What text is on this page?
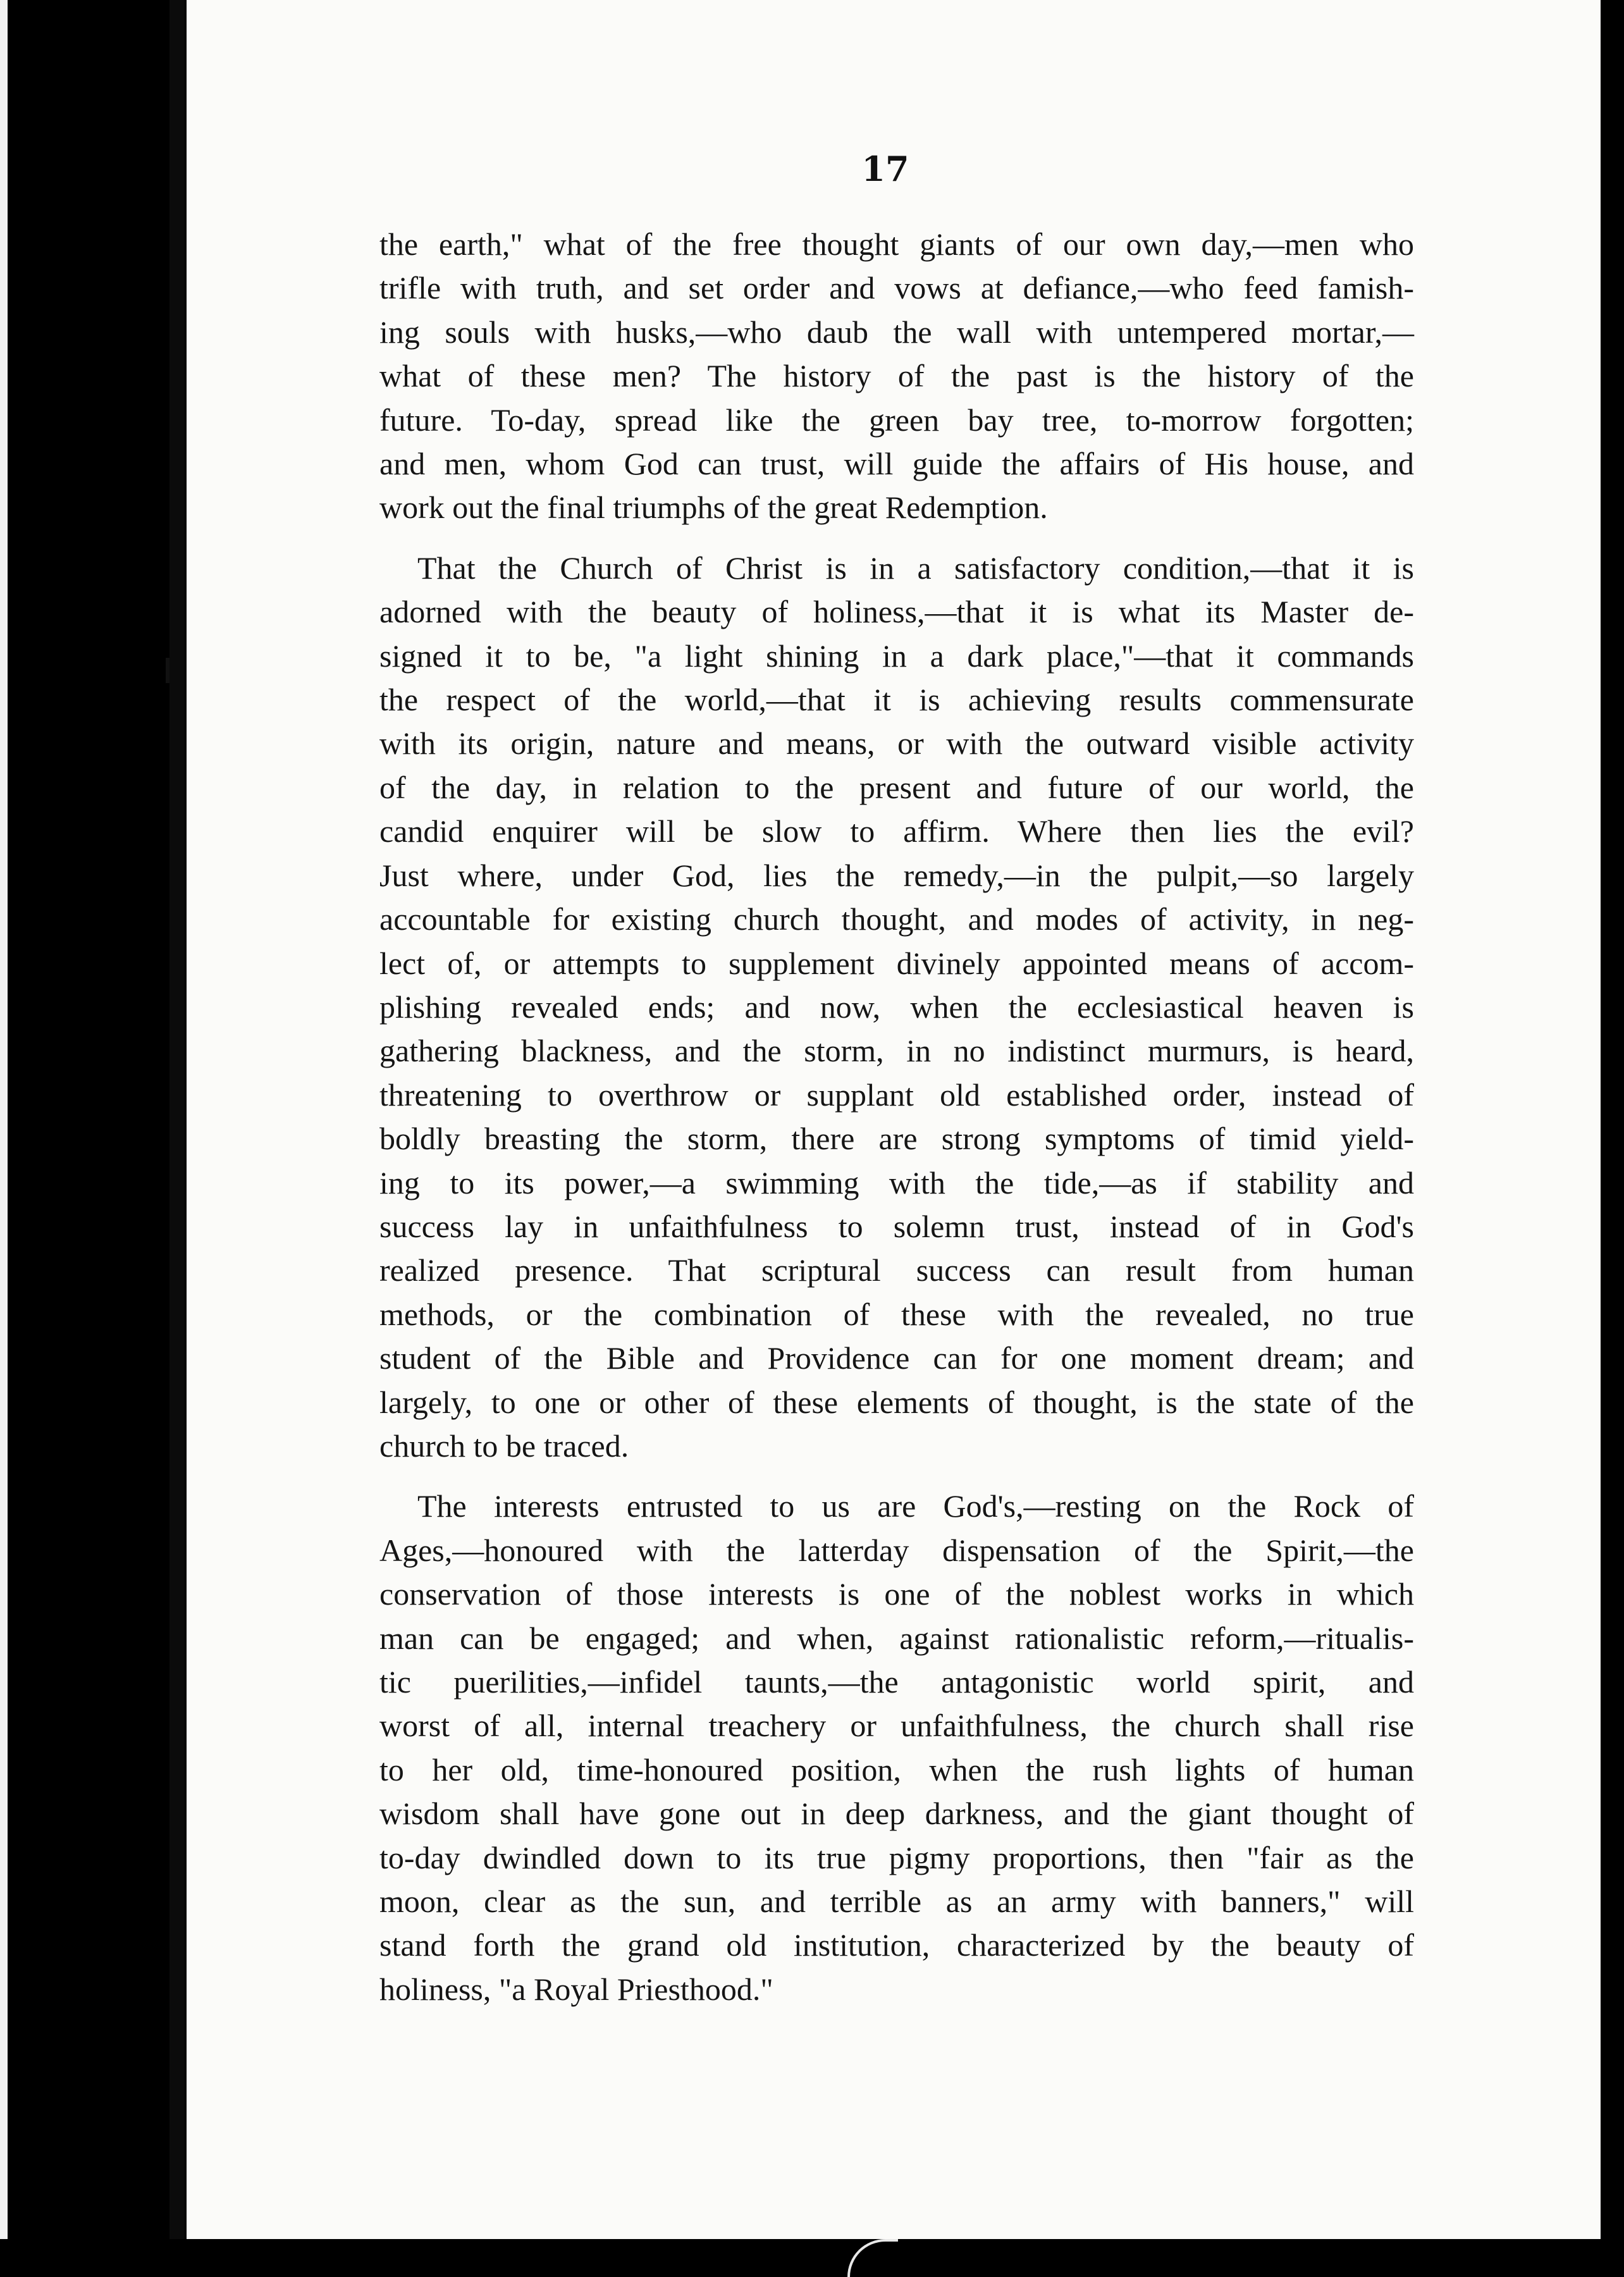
17
the earth," what of the free thought giants of our own day,—men who
trifle with truth, and set order and vows at defiance,—who feed famish-
ing souls with husks,—who daub the wall with untempered mortar,—
what of these men? The history of the past is the history of the
future. To-day, spread like the green bay tree, to-morrow forgotten;
and men, whom God can trust, will guide the affairs of His house, and
work out the final triumphs of the great Redemption.
That the Church of Christ is in a satisfactory condition,—that it is
adorned with the beauty of holiness,—that it is what its Master de-
signed it to be, "a light shining in a dark place,"—that it commands
the respect of the world,—that it is achieving results commensurate
with its origin, nature and means, or with the outward visible activity
of the day, in relation to the present and future of our world, the
candid enquirer will be slow to affirm. Where then lies the evil?
Just where, under God, lies the remedy,—in the pulpit,—so largely
accountable for existing church thought, and modes of activity, in neg-
lect of, or attempts to supplement divinely appointed means of accom-
plishing revealed ends; and now, when the ecclesiastical heaven is
gathering blackness, and the storm, in no indistinct murmurs, is heard,
threatening to overthrow or supplant old established order, instead of
boldly breasting the storm, there are strong symptoms of timid yield-
ing to its power,—a swimming with the tide,—as if stability and
success lay in unfaithfulness to solemn trust, instead of in God's
realized presence. That scriptural success can result from human
methods, or the combination of these with the revealed, no true
student of the Bible and Providence can for one moment dream; and
largely, to one or other of these elements of thought, is the state of the
church to be traced.
The interests entrusted to us are God's,—resting on the Rock of
Ages,—honoured with the latterday dispensation of the Spirit,—the
conservation of those interests is one of the noblest works in which
man can be engaged; and when, against rationalistic reform,—ritualis-
tic puerilities,—infidel taunts,—the antagonistic world spirit, and
worst of all, internal treachery or unfaithfulness, the church shall rise
to her old, time-honoured position, when the rush lights of human
wisdom shall have gone out in deep darkness, and the giant thought of
to-day dwindled down to its true pigmy proportions, then "fair as the
moon, clear as the sun, and terrible as an army with banners," will
stand forth the grand old institution, characterized by the beauty of
holiness, "a Royal Priesthood."
